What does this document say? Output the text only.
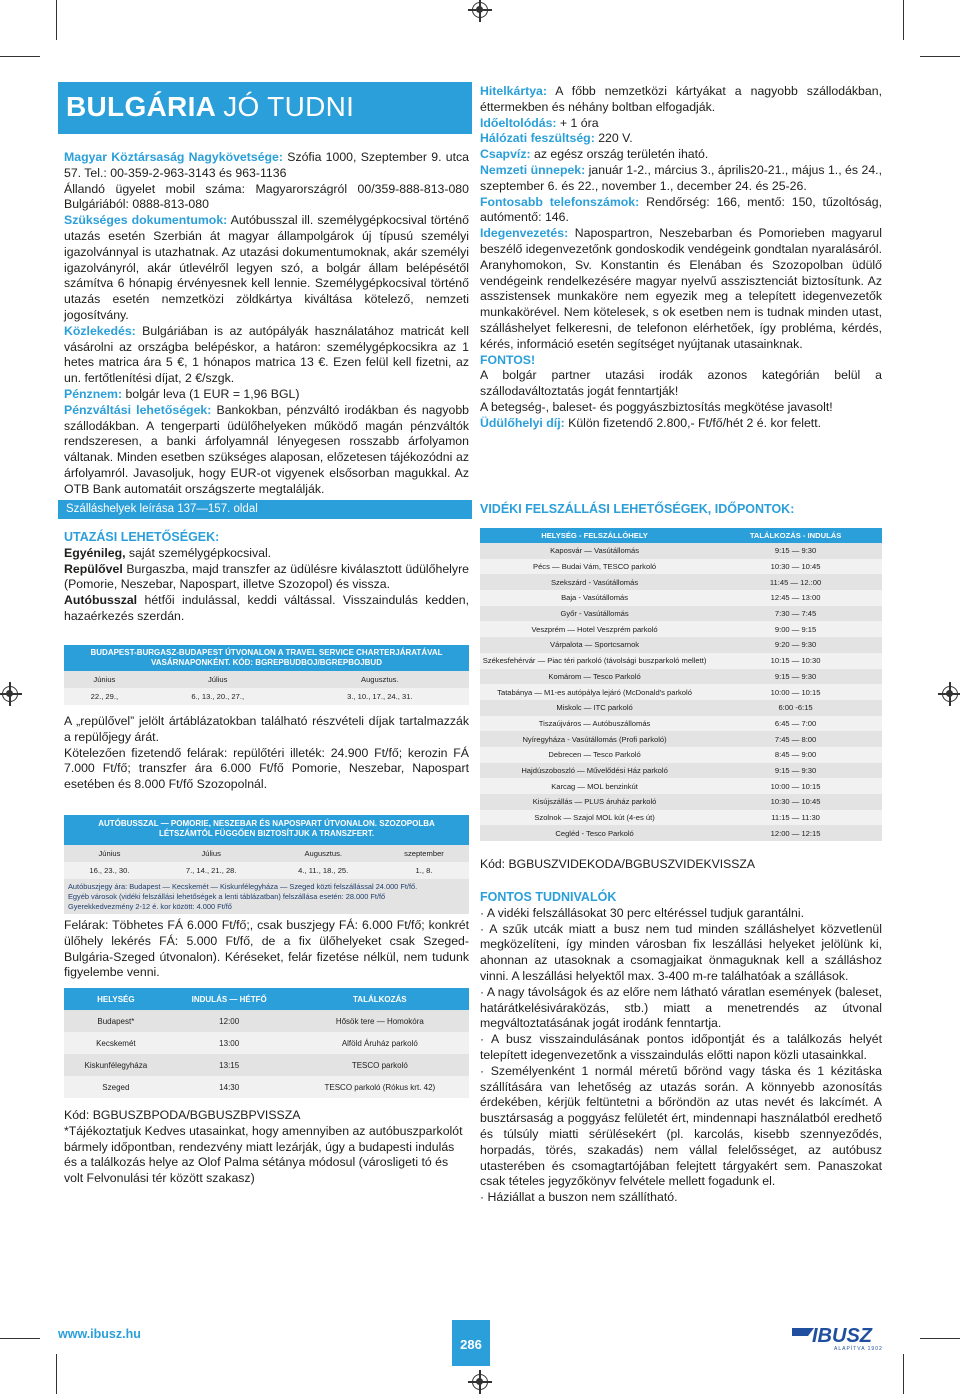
BULGÁRIA JÓ TUDNI

Magyar Köztársaság Nagykövetsége: Szófia 1000, Szeptember 9. utca 57. Tel.: 00-359-2-963-3143 és 963-1136

Állandó ügyelet mobil száma: Magyarországról 00/359-888-813-080 Bulgáriából: 0888-813-080

Szükséges dokumentumok: Autóbusszal ill. személygépkocsival történő utazás esetén Szerbián át magyar állampolgárok új típusú személyi igazolvánnyal is utazhatnak. Az utazási dokumentumoknak, akár személyi igazolványról, akár útlevélről legyen szó, a bolgár állam belépésétől számítva 6 hónapig érvényesnek kell lennie. Személygépkocsival történő utazás esetén nemzetközi zöldkártya kiváltása kötelező, nemzeti jogosítvány.

Közlekedés: Bulgáriában is az autópályák használatához matricát kell vásárolni az országba belépéskor, a határon: személygépkocsikra az 1 hetes matrica ára 5 €, 1 hónapos matrica 13 €. Ezen felül kell fizetni, az un. fertőtlenítési díjat, 2 €/szgk.

Pénznem: bolgár leva (1 EUR = 1,96 BGL)

Pénzváltási lehetőségek: Bankokban, pénzváltó irodákban és nagyobb szállodákban. A tengerparti üdülőhelyeken működő magán pénzváltók rendszeresen, a banki árfolyamnál lényegesen rosszabb árfolyamon váltanak. Minden esetben szükséges alaposan, előzetesen tájékozódni az árfolyamról. Javasoljuk, hogy EUR-ot vigyenek elsősorban magukkal. Az OTB Bank automatáit országszerte megtalálják.

Hitelkártya: A főbb nemzetközi kártyákat a nagyobb szállodákban, éttermekben és néhány boltban elfogadják.

Időeltolódás: + 1 óra

Hálózati feszültség: 220 V.

Csapvíz: az egész ország területén iható.

Nemzeti ünnepek: január 1-2., március 3., április20-21., május 1., és 24., szeptember 6. és 22., november 1., december 24. és 25-26.

Fontosabb telefonszámok: Rendőrség: 166, mentő: 150, tűzoltóság, autómentő: 146.

Idegenvezetés: Napospartron, Neszebarban és Pomorieben magyarul beszélő idegenvezetőnk gondoskodik vendégeink gondtalan nyaralásáról. Aranyhomokon, Sv. Konstantin és Elenában és Szozopolban üdülő vendégeink rendelkezésére magyar nyelvű asszisztenciát biztosítunk. Az asszistensek munkaköre nem egyezik meg a telepített idegenvezetők munkakörével. Nem kötelesek, s ok esetben nem is tudnak minden utast, szálláshelyet felkeresni, de telefonon elérhetőek, így probléma, kérdés, kérés, információ esetén segítséget nyújtanak utasainknak.

FONTOS!

A bolgár partner utazási irodák azonos kategórián belül a szállodaváltoztatás jogát fenntartják!

A betegség-, baleset- és poggyászbiztosítás megkötése javasolt!

Üdülőhelyi díj: Külön fizetendő 2.800,- Ft/fő/hét 2 é. kor felett.

Szálláshelyek leírása 137—157. oldal
UTAZÁSI LEHETŐSÉGEK:

Egyénileg, saját személygépkocsival.

Repülővel Burgaszba, majd transzfer az üdülésre kiválasztott üdülőhelyre (Pomorie, Neszebar, Napospart, illetve Szozopol) és vissza.

Autóbusszal hétfői indulással, keddi váltással. Visszaindulás kedden, hazaérkezés szerdán.

BUDAPEST-BURGASZ-BUDAPEST ÚTVONALON A TRAVEL SERVICE CHARTERJÁRATÁVAL VASÁRNAPONKÉNT. KÓD: BGREPBUDBOJ/BGREPBOJBUD
Június	Július	Augusztus.
22., 29.,	6., 13., 20., 27.,	3., 10., 17., 24., 31.
A „repülővel” jelölt ártáblázatokban található részvételi díjak tartalmazzák a repülőjegy árát.
Kötelezően fizetendő felárak: repülőtéri illeték: 24.900 Ft/fő; kerozin FÁ 7.000 Ft/fő; transzfer ára 6.000 Ft/fő Pomorie, Neszebar, Napospart esetében és 8.000 Ft/fő Szozopolnál.
AUTÓBUSSZAL — POMORIE, NESZEBAR ÉS NAPOSPART ÚTVONALON. SZOZOPOLBA LÉTSZÁMTÓL FÜGGŐEN BIZTOSÍTJUK A TRANSZFERT.
Június	Július	Augusztus.	szeptember
16., 23., 30.	7., 14., 21., 28.	4., 11., 18., 25.	1., 8.
Autóbuszjegy ára: Budapest — Kecskemét — Kiskunfélegyháza — Szeged közti felszállással 24.000 Ft/fő.
Egyéb városok (vidéki felszállási lehetőségek a lenti táblázatban) felszállása esetén: 28.000 Ft/fő
Gyerekkedvezmény 2-12 é. kor között: 4.000 Ft/fő
Felárak: Töbhetes FÁ 6.000 Ft/fő;, csak buszjegy FÁ: 6.000 Ft/fő; konkrét ülőhely lekérés FÁ: 5.000 Ft/fő, de a fix ülőhelyeket csak Szeged-Bulgária-Szeged útvonalon). Kéréseket, felár fizetése nélkül, nem tudunk figyelembe venni.
HELYSÉG	INDULÁS — HÉTFŐ	TALÁLKOZÁS
Budapest*	12:00	Hősök tere — Homokóra
Kecskemét	13:00	Alföld Áruház parkoló
Kiskunfélegyháza	13:15	TESCO parkoló
Szeged	14:30	TESCO parkoló (Rókus krt. 42)
Kód: BGBUSZBPODA/BGBUSZBPVISSZA
*Tájékoztatjuk Kedves utasainkat, hogy amennyiben az autóbuszparkolót bármely időpontban, rendezvény miatt lezárják, úgy a budapesti indulás és a találkozás helye az Olof Palma sétánya módosul (városligeti tó és volt Felvonulási tér között szakasz)
VIDÉKI FELSZÁLLÁSI LEHETŐSÉGEK, IDŐPONTOK:
HELYSÉG - FELSZÁLLÓHELY	TALÁLKOZÁS - INDULÁS
Kaposvár — Vasútállomás	9:15 — 9:30
Pécs — Budai Vám, TESCO parkoló	10:30 — 10:45
Szekszárd - Vasútállomás	11:45 — 12.:00
Baja - Vasútállomás	12:45 — 13:00
Győr - Vasútállomás	7:30 — 7:45
Veszprém — Hotel Veszprém parkoló	9:00 — 9:15
Várpalota — Sportcsarnok	9:20 — 9:30
Székesfehérvár — Piac téri parkoló (távolsági buszparkoló mellett)	10:15 — 10:30
Komárom — Tesco Parkoló	9:15 — 9:30
Tatabánya — M1-es autópálya lejáró (McDonald's parkoló	10:00 — 10:15
Miskolc — ITC parkoló	6:00 -6:15
Tiszaújváros — Autóbuszállomás	6:45 — 7:00
Nyíregyháza - Vasútállomás (Profi parkoló)	7:45 — 8:00
Debrecen — Tesco Parkoló	8:45 — 9:00
Hajdúszoboszló — Művelődési Ház parkoló	9:15 — 9:30
Karcag — MOL benzinkút	10:00 — 10:15
Kisújszállás — PLUS áruház parkoló	10:30 — 10:45
Szolnok — Szajol MOL kút (4-es út)	11:15 — 11:30
Cegléd - Tesco Parkoló	12:00 — 12:15
Kód: BGBUSZVIDEKODA/BGBUSZVIDEKVISSZA
FONTOS TUDNIVALÓK

· A vidéki felszállásokat 30 perc eltéréssel tudjuk garantálni.

· A szűk utcák miatt a busz nem tud minden szálláshelyet közvetlenül megközelíteni, így minden városban fix leszállási helyeket jelölünk ki, ahonnan az utasoknak a csomagjaikat önmaguknak kell a szálláshoz vinni. A leszállási helyektől max. 3-400 m-re találhatóak a szállások.

· A nagy távolságok és az előre nem látható váratlan események (baleset, határátkelésiváraközás, stb.) miatt a menetrendés az útvonal megváltoztatásának jogát irodánk fenntartja.

· A busz visszaindulásának pontos időpontját és a találkozás helyét telepített idegenvezetőnk a visszaindulás előtti napon közli utasainkkal.

· Személyenként 1 normál méretű bőrönd vagy táska és 1 kézitáska szállítására van lehetőség az utazás során. A könnyebb azonosítás érdekében, kérjük feltüntetni a bőröndön az utas nevét és lakcímét. A busztársaság a poggyász felületét ért, mindennapi használatból eredhető és túlsúly miatti sérülésekért (pl. karcolás, kisebb szennyeződés, horpadás, törés, szakadás) nem vállal felelősséget, az autóbusz utasterében és csomagtartójában felejtett tárgyakért sem. Panaszokat csak tételes jegyzőkönyv felvétele mellett fogadunk el.

· Háziállat a buszon nem szállítható.

www.ibusz.hu
286	IBUSZ
ALAPÍTVA 1902
